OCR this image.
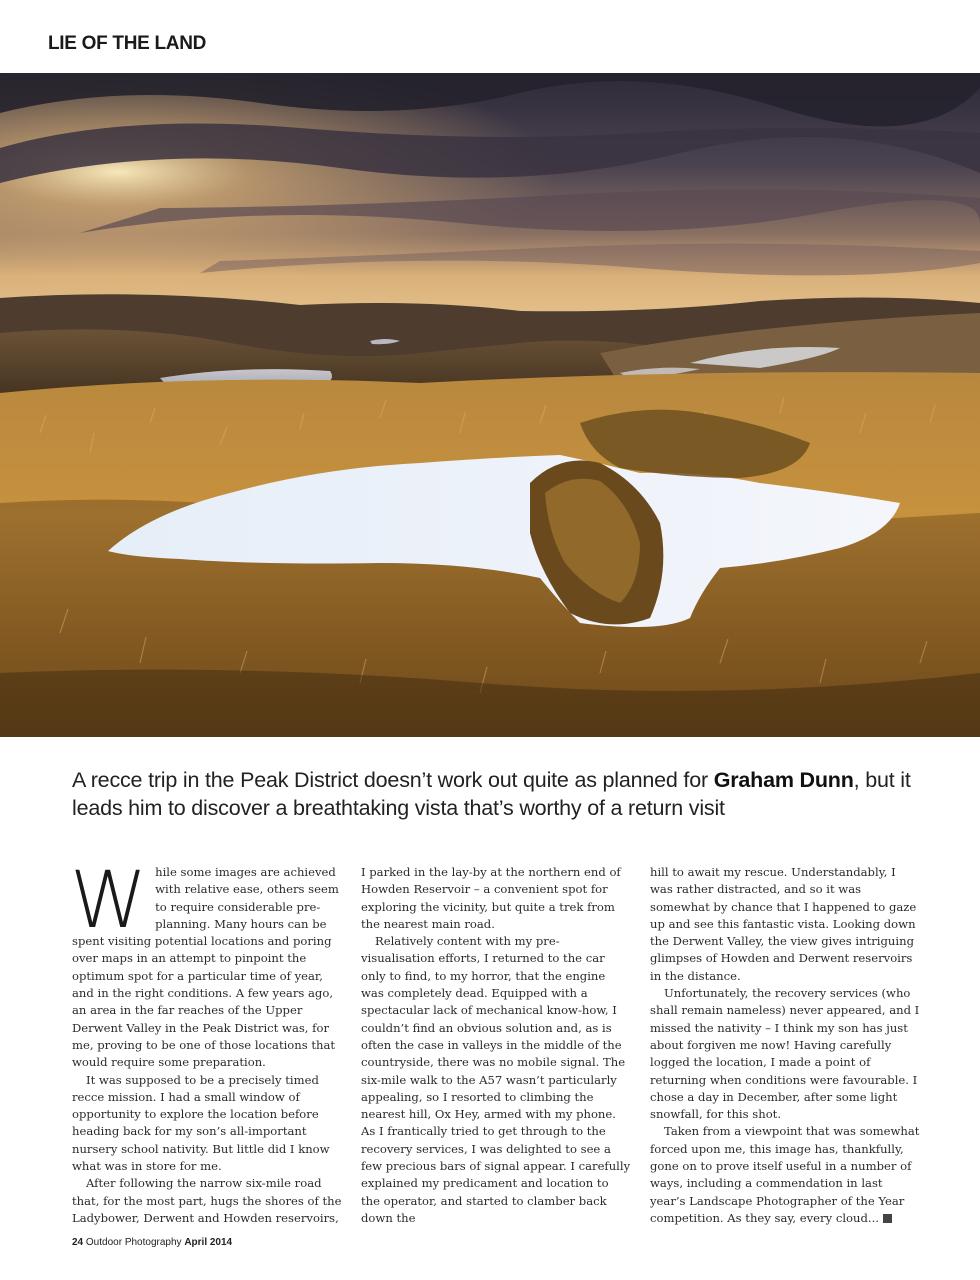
LIE OF THE LAND
A recce trip in the Peak District doesn’t work out quite as planned for Graham Dunn, but it leads him to discover a breathtaking vista that’s worthy of a return visit

While some images are achieved with relative ease, others seem to require considerable pre-planning. Many hours can be spent visiting potential locations and poring over maps in an attempt to pinpoint the optimum spot for a particular time of year, and in the right conditions. A few years ago, an area in the far reaches of the Upper Derwent Valley in the Peak District was, for me, proving to be one of those locations that would require some preparation.

It was supposed to be a precisely timed recce mission. I had a small window of opportunity to explore the location before heading back for my son’s all-important nursery school nativity. But little did I know what was in store for me.

After following the narrow six-mile road that, for the most part, hugs the shores of the Ladybower, Derwent and Howden reservoirs,

I parked in the lay-by at the northern end of Howden Reservoir – a convenient spot for exploring the vicinity, but quite a trek from the nearest main road.

Relatively content with my pre-visualisation efforts, I returned to the car only to find, to my horror, that the engine was completely dead. Equipped with a spectacular lack of mechanical know-how, I couldn’t find an obvious solution and, as is often the case in valleys in the middle of the countryside, there was no mobile signal. The six-mile walk to the A57 wasn’t particularly appealing, so I resorted to climbing the nearest hill, Ox Hey, armed with my phone. As I frantically tried to get through to the recovery services, I was delighted to see a few precious bars of signal appear. I carefully explained my predicament and location to the operator, and started to clamber back down the

hill to await my rescue. Understandably, I was rather distracted, and so it was somewhat by chance that I happened to gaze up and see this fantastic vista. Looking down the Derwent Valley, the view gives intriguing glimpses of Howden and Derwent reservoirs in the distance.

Unfortunately, the recovery services (who shall remain nameless) never appeared, and I missed the nativity – I think my son has just about forgiven me now! Having carefully logged the location, I made a point of returning when conditions were favourable. I chose a day in December, after some light snowfall, for this shot.

Taken from a viewpoint that was somewhat forced upon me, this image has, thankfully, gone on to prove itself useful in a number of ways, including a commendation in last year’s Landscape Photographer of the Year competition. As they say, every cloud...

24 Outdoor Photography April 2014
